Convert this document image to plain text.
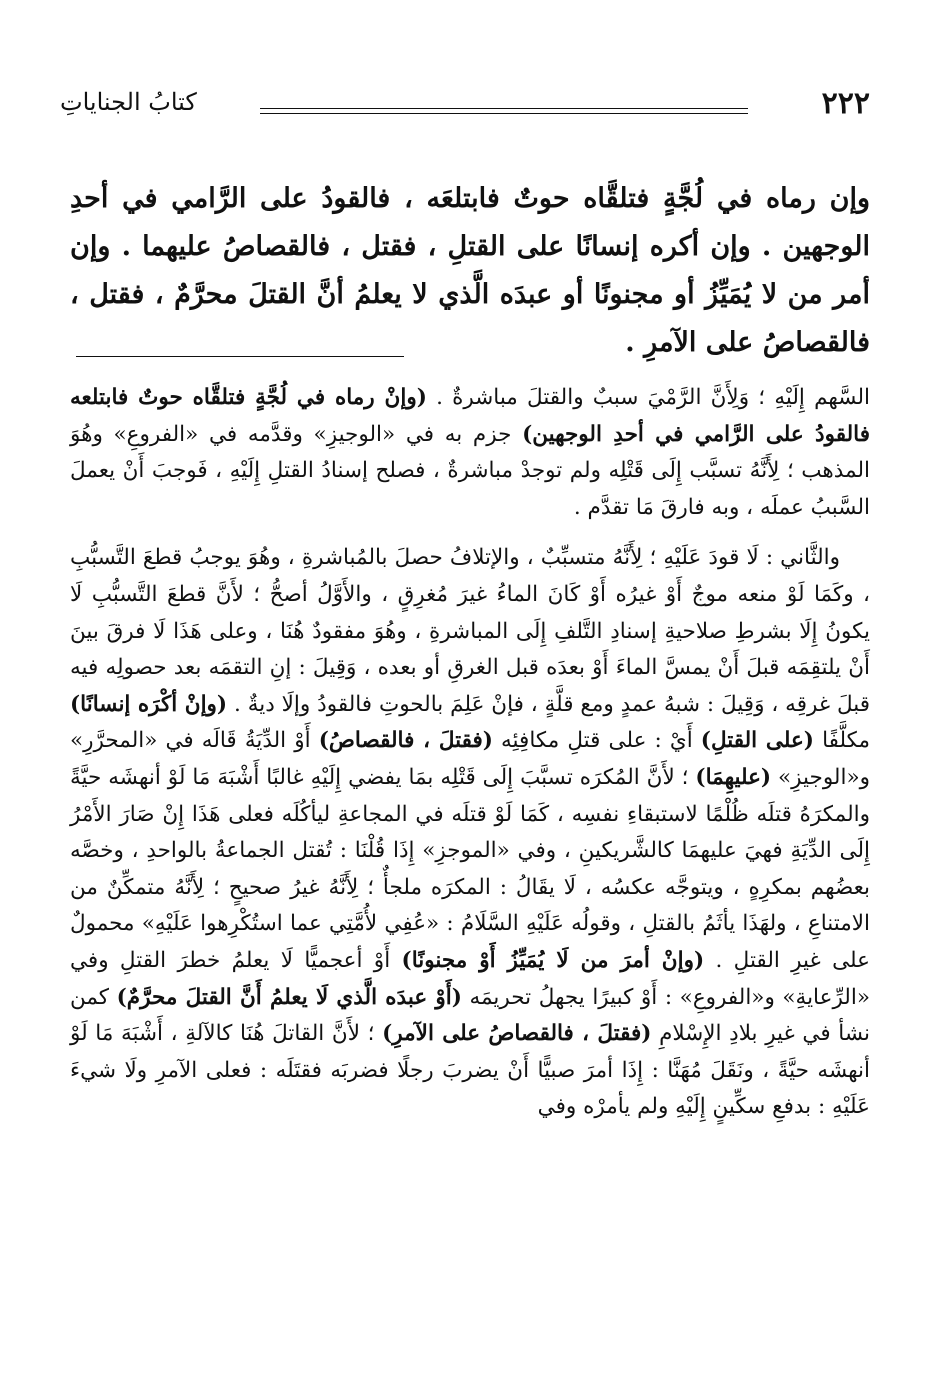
٢٢٢
كتابُ الجناياتِ
وإن رماه في لُجَّةٍ فتلقَّاه حوتٌ فابتلعَه ، فالقودُ على الرَّامي في أحدِ الوجهين . وإن أكره إنسانًا على القتلِ ، فقتل ، فالقصاصُ عليهما . وإن أمر من لا يُمَيِّزُ أو مجنونًا أو عبدَه الَّذي لا يعلمُ أنَّ القتلَ محرَّمٌ ، فقتل ، فالقصاصُ على الآمرِ .

السَّهم إِلَيْهِ ؛ وَلِأَنَّ الرَّمْيَ سببٌ والقتلَ مباشرةٌ . (وإنْ رماه في لُجَّةٍ فتلقَّاه حوتٌ فابتلعه فالقودُ على الرَّامي في أحدِ الوجهين) جزم به في «الوجيزِ» وقدَّمه في «الفروعِ» وهُوَ المذهب ؛ لِأَنَّهُ تسبَّب إِلَى قَتْلِه ولم توجدْ مباشرةٌ ، فصلح إسنادُ القتلِ إِلَيْهِ ، فَوجبَ أَنْ يعملَ السَّببُ عملَه ، وبه فارقَ مَا تقدَّم .

والثَّاني : لَا قودَ عَلَيْهِ ؛ لِأَنَّهُ متسبِّبٌ ، والإتلافُ حصلَ بالمُباشرةِ ، وهُوَ يوجبُ قطعَ التَّسبُّبِ ، وكَمَا لَوْ منعه موجٌ أَوْ غيرُه أَوْ كَانَ الماءُ غيرَ مُغرِقٍ ، والأَوَّلُ أصحُّ ؛ لأَنَّ قطعَ التَّسبُّبِ لَا يكونُ إِلَا بشرطِ صلاحيةِ إسنادِ التَّلفِ إِلَى المباشرةِ ، وهُوَ مفقودٌ هُنَا ، وعلى هَذَا لَا فرقَ بينَ أَنْ يلتقِمَه قبلَ أَنْ يمسَّ الماءَ أَوْ بعدَه قبل الغرقِ أو بعده ، وَقِيلَ : إنِ التقمَه بعد حصولِه فيه قبلَ غرقِه ، وَقِيلَ : شبهُ عمدٍ ومع قلَّةٍ ، فإنْ عَلِمَ بالحوتِ فالقودُ وإلَا ديةٌ . (وإنْ أكْرَه إنسانًا) مكلَّفًا (على القتلِ) أَيْ : على قتلِ مكافِئِه (فقتلَ ، فالقصاصُ) أَوْ الدِّيَةُ قَالَه في «المحرَّرِ» و«الوجيزِ» (عليهِمَا) ؛ لأَنَّ المُكرَه تسبَّبَ إِلَى قَتْلِه بمَا يفضي إِلَيْهِ غالبًا أَشْبَهَ مَا لَوْ أنهشَه حيَّةً والمكرَهُ قتلَه ظُلْمًا لاستبقاءِ نفسِه ، كَمَا لَوْ قتلَه في المجاعةِ ليأكُلَه فعلى هَذَا إِنْ صَارَ الأَمْرُ إِلَى الدِّيَةِ فهيَ عليهمَا كالشَّريكينِ ، وفي «الموجزِ» إِذَا قُلْنَا : تُقتل الجماعةُ بالواحدِ ، وخصَّه بعضُهم بمكرِهٍ ، ويتوجَّه عكسُه ، لَا يقَالُ : المكرَه ملجأٌ ؛ لِأَنَّهُ غيرُ صحيحٍ ؛ لِأَنَّهُ متمكِّنٌ من الامتناعِ ، ولهَذَا يأثَمُ بالقتلِ ، وقولُه عَلَيْهِ السَّلَامُ : «عُفِي لأُمَّتِي عما استُكْرِهوا عَلَيْهِ» محمولٌ على غيرِ القتلِ . (وإنْ أمرَ من لَا يُمَيِّزُ أَوْ مجنونًا) أَوْ أعجميًّا لَا يعلمُ خطرَ القتلِ وفي «الرِّعايةِ» و«الفروعِ» : أَوْ كبيرًا يجهلُ تحريمَه (أَوْ عبدَه الَّذي لَا يعلمُ أَنَّ القتلَ محرَّمٌ) كمن نشأ في غيرِ بلادِ الإِسْلامِ (فقتلَ ، فالقصاصُ على الآمرِ) ؛ لأَنَّ القاتلَ هُنَا كالآلةِ ، أَشْبَهَ مَا لَوْ أنهشَه حيَّةً ، ونَقَلَ مُهَنَّا : إِذَا أمرَ صبيًّا أَنْ يضربَ رجلًا فضربَه فقتَلَه : فعلى الآمرِ ولَا شيءَ عَلَيْهِ : بدفعِ سكِّينٍ إِلَيْهِ ولم يأمرْه وفي
